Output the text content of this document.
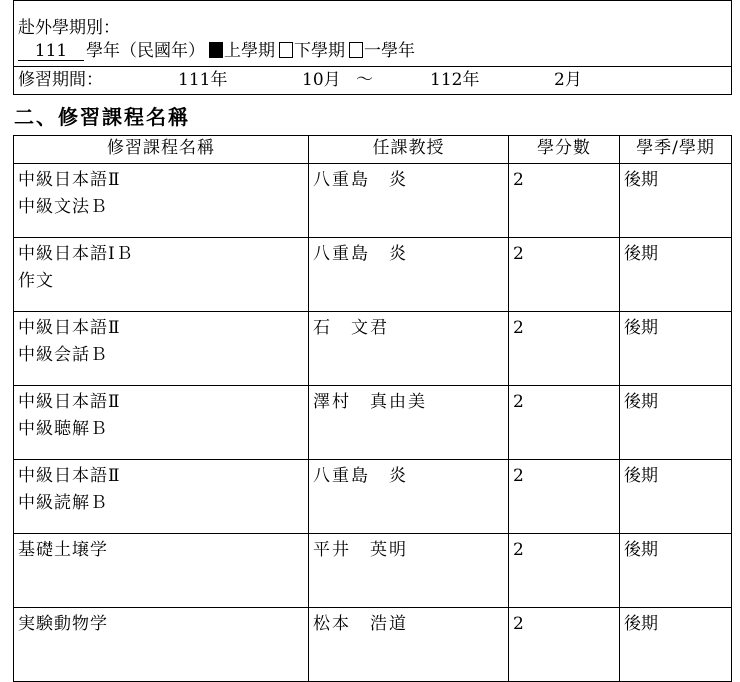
赴外學期別：
111 學年（民國年） 上學期 下學期 一學年

修習期間：	111年	10月 ～	112年	2月
二、修習課程名稱
修習課程名稱	任課教授	學分數	學季/學期

中級日本語Ⅱ
中級文法Ｂ	八重島　炎	2	後期

中級日本語ⅠＢ
作文	八重島　炎	2	後期

中級日本語Ⅱ
中級会話Ｂ	石　文君	2	後期

中級日本語Ⅱ
中級聴解Ｂ	澤村　真由美	2	後期

中級日本語Ⅱ
中級読解Ｂ	八重島　炎	2	後期

基礎土壌学	平井　英明	2	後期

実験動物学	松本　浩道	2	後期
